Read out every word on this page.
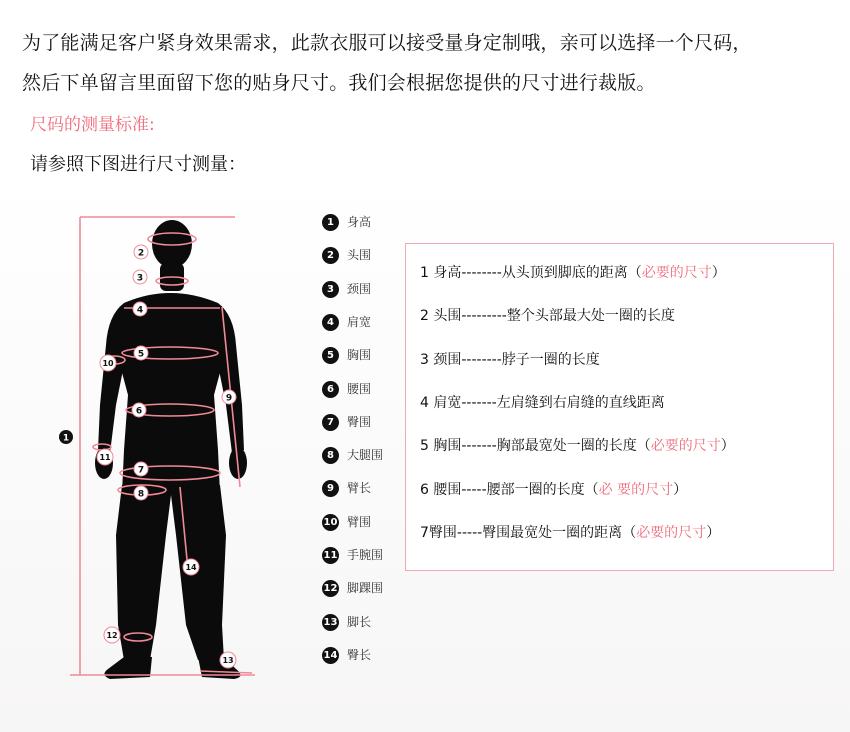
为了能满足客户紧身效果需求，此款衣服可以接受量身定制哦，亲可以选择一个尺码，
然后下单留言里面留下您的贴身尺寸。我们会根据您提供的尺寸进行裁版。
尺码的测量标准:
请参照下图进行尺寸测量：
1
2
3
4
5
6
7
8
9
10
11
12
13
14
1 身高
2 头围
3 颈围
4 肩宽
5 胸围
6 腰围
7 臀围
8 大腿围
9 臂长
10 臂围
11 手腕围
12 脚踝围
13 脚长
14 臀长
1 身高--------从头顶到脚底的距离（必要的尺寸）
2 头围---------整个头部最大处一圈的长度
3 颈围--------脖子一圈的长度
4 肩宽-------左肩缝到右肩缝的直线距离
5 胸围-------胸部最宽处一圈的长度（必要的尺寸）
6 腰围-----腰部一圈的长度（必 要的尺寸）
7臀围-----臀围最宽处一圈的距离（必要的尺寸）
